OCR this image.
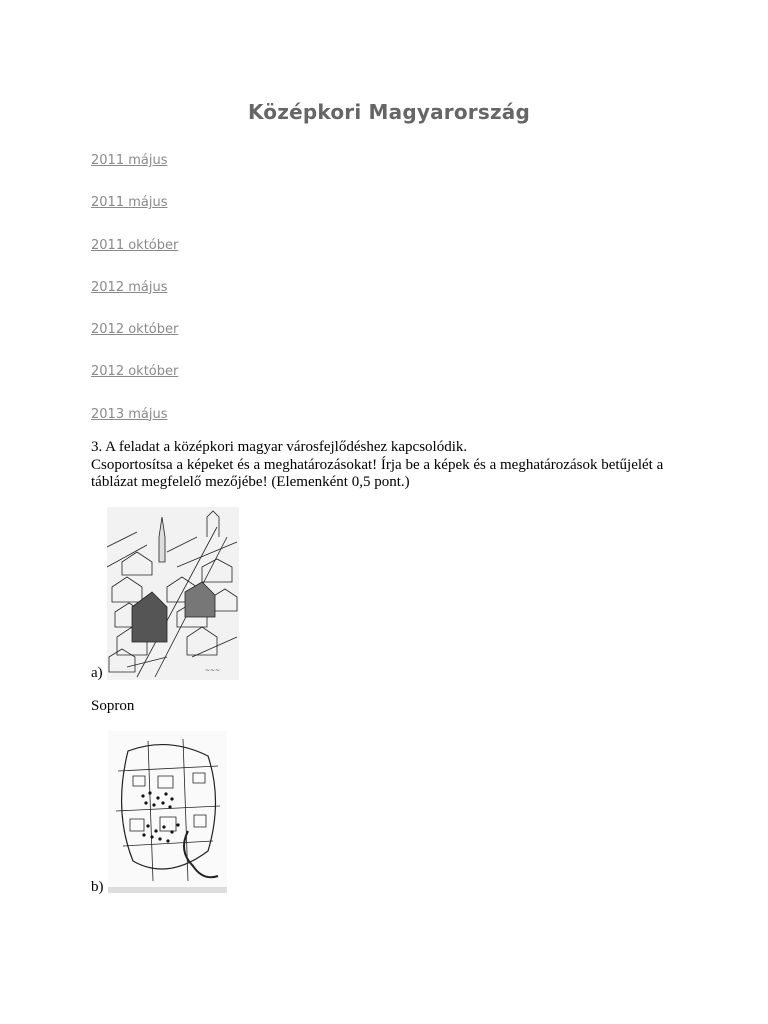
Középkori Magyarország
2011 május
2011 május
2011 október
2012 május
2012 október
2012 október
2013 május

3. A feladat a középkori magyar városfejlődéshez kapcsolódik.
Csoportosítsa a képeket és a meghatározásokat! Írja be a képek és a meghatározások betűjelét a táblázat megfelelő mezőjébe! (Elemenként 0,5 pont.)

~~~
a)
Sopron
b)
